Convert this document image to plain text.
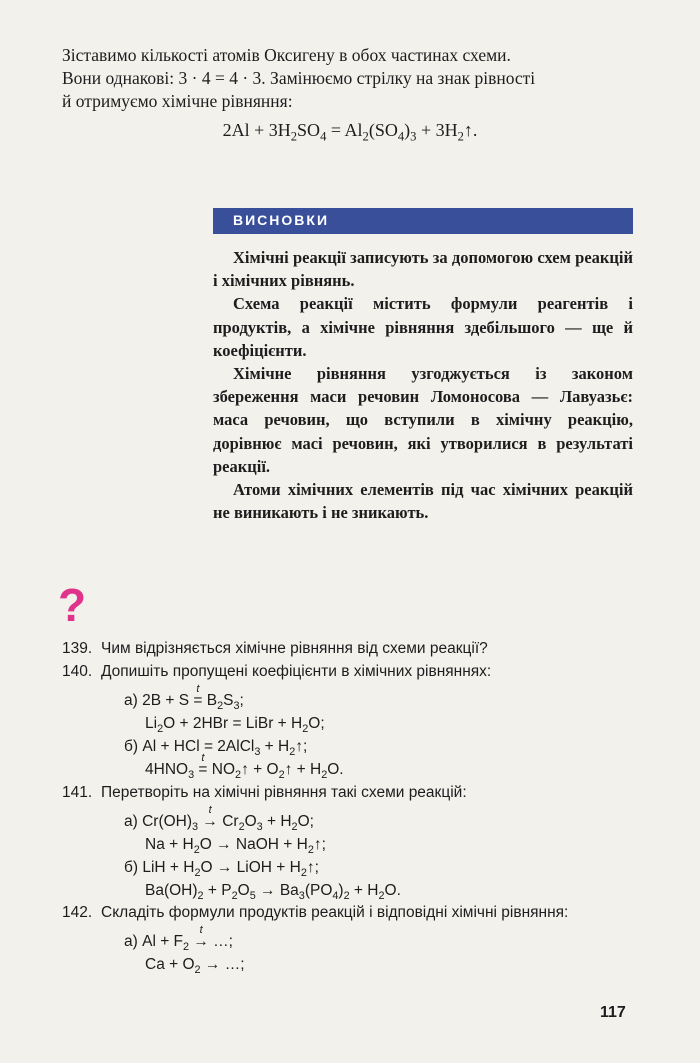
Зіставимо кількості атомів Оксигену в обох частинах схеми.
Вони однакові: 3 · 4 = 4 · 3. Замінюємо стрілку на знак рівності
й отримуємо хімічне рівняння:
$2Al + 3H_2SO_4 = Al_2(SO_4)_3$ + $3H_2↑$.
ВИСНОВКИ

Хімічні реакції записують за допомогою схем реакцій і хімічних рівнянь.

Схема реакції містить формули реагентів і продуктів, а хімічне рівняння здебільшого — ще й коефіцієнти.

Хімічне рівняння узгоджується із законом збереження маси речовин Ломоносова — Лавуазьє: маса речовин, що вступили в хімічну реакцію, дорівнює масі речовин, які утворилися в результаті реакції.

Атоми хімічних елементів під час хімічних реакцій не виникають і не зникають.

?
139. Чим відрізняється хімічне рівняння від схеми реакції?
140. Допишіть пропущені коефіцієнти в хімічних рівняннях:
а) 2B + S
t
= $B_2S_3$;
$Li_2O + 2HBr$ = LiBr + $H_2O$;
б) Al + HCl = 2AlCl$_3$ + $H_2↑$;
$4HNO_3$
t
= $NO_2↑$ + $O_2↑ + H_2O$.
141. Перетворіть на хімічні рівняння такі схеми реакцій:
а) $Cr(OH)_3$
t
→ $Cr_2O_3 + H_2O$;
$Na + H_2O$ → NaOH + $H_2↑$;
б) LiH + $H_2O$ → LiOH + $H_2↑$;
$Ba(OH)_2 + P_2O_5 \to Ba_3(PO_4)_2 + H_2O$.
142. Складіть формули продуктів реакцій і відповідні хімічні рівняння:
а) $Al + F_2$
t
→ …;
$Ca + O_2$ → …;
117
